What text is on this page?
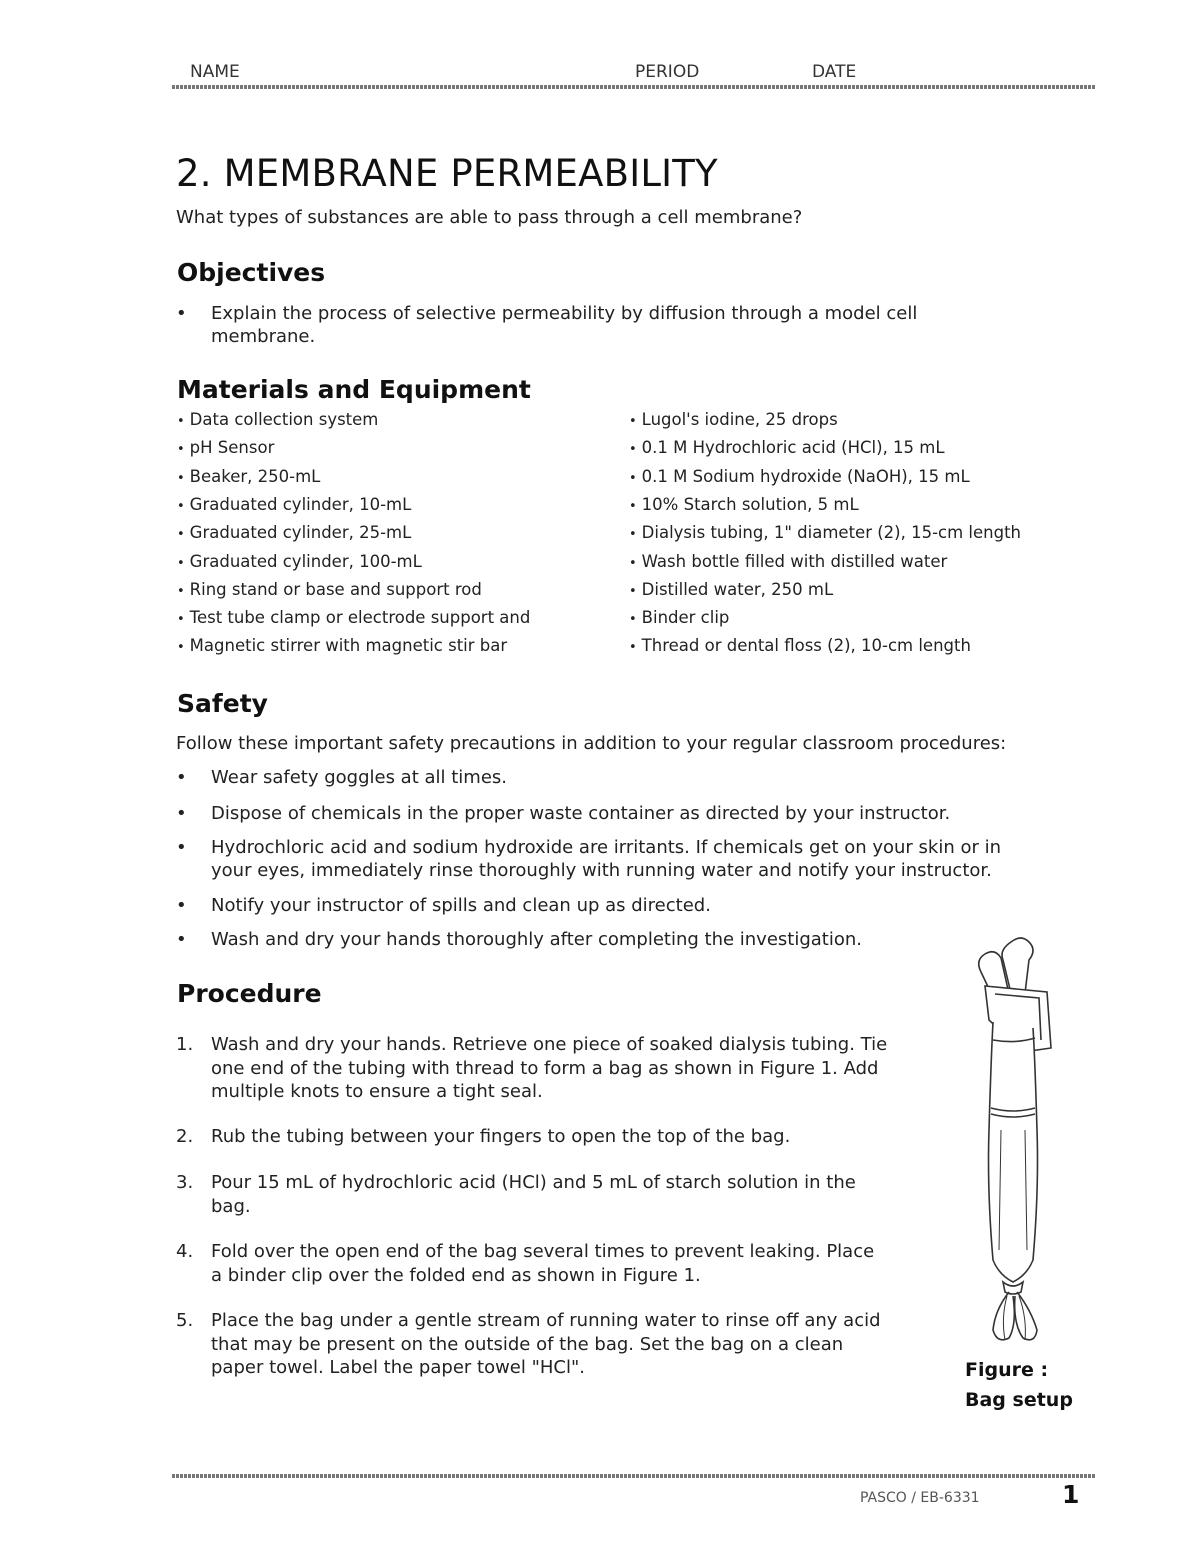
NAME	PERIOD	DATE
2. MEMBRANE PERMEABILITY
What types of substances are able to pass through a cell membrane?
Objectives
•	Explain the process of selective permeability by diffusion through a model cell
membrane.
Materials and Equipment
• Data collection system
• pH Sensor
• Beaker, 250-mL
• Graduated cylinder, 10-mL
• Graduated cylinder, 25-mL
• Graduated cylinder, 100-mL
• Ring stand or base and support rod
• Test tube clamp or electrode support and
• Magnetic stirrer with magnetic stir bar
• Lugol's iodine, 25 drops
• 0.1 M Hydrochloric acid (HCl), 15 mL
• 0.1 M Sodium hydroxide (NaOH), 15 mL
• 10% Starch solution, 5 mL
• Dialysis tubing, 1" diameter (2), 15-cm length
• Wash bottle filled with distilled water
• Distilled water, 250 mL
• Binder clip
• Thread or dental floss (2), 10-cm length
Safety
Follow these important safety precautions in addition to your regular classroom procedures:
•	Wear safety goggles at all times.
•	Dispose of chemicals in the proper waste container as directed by your instructor.
•	Hydrochloric acid and sodium hydroxide are irritants. If chemicals get on your skin or in
your eyes, immediately rinse thoroughly with running water and notify your instructor.
•	Notify your instructor of spills and clean up as directed.
•	Wash and dry your hands thoroughly after completing the investigation.
Procedure
1. Wash and dry your hands. Retrieve one piece of soaked dialysis tubing. Tie
one end of the tubing with thread to form a bag as shown in Figure 1. Add
multiple knots to ensure a tight seal.
2. Rub the tubing between your fingers to open the top of the bag.
3. Pour 15 mL of hydrochloric acid (HCl) and 5 mL of starch solution in the
bag.
4. Fold over the open end of the bag several times to prevent leaking. Place
a binder clip over the folded end as shown in Figure 1.
5. Place the bag under a gentle stream of running water to rinse off any acid
that may be present on the outside of the bag. Set the bag on a clean
paper towel. Label the paper towel "HCl".	Figure :
Bag setup
PASCO / EB-6331	1
